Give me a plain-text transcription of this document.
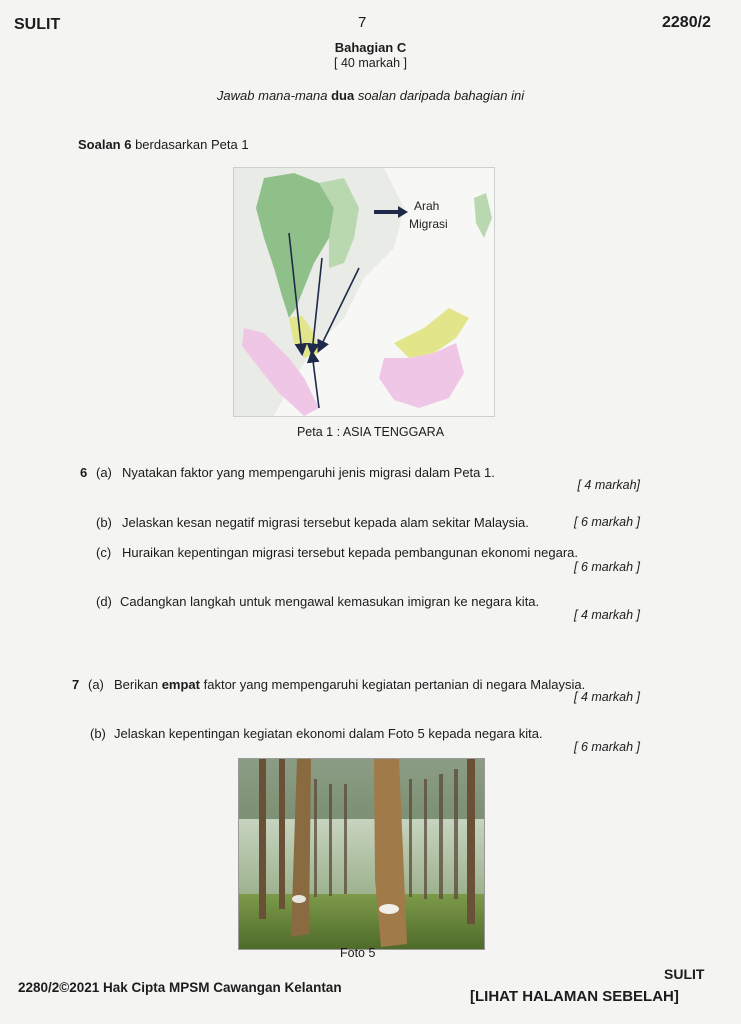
SULIT	7	2280/2
Bahagian C
[ 40 markah ]
Jawab mana-mana dua soalan daripada bahagian ini
Soalan 6 berdasarkan Peta 1
Arah
Migrasi
Peta 1 : ASIA TENGGARA
6 (a) Nyatakan faktor yang mempengaruhi jenis migrasi dalam Peta 1.
[ 4 markah]
(b) Jelaskan kesan negatif migrasi tersebut kepada alam sekitar Malaysia.	[ 6 markah ]
(c) Huraikan kepentingan migrasi tersebut kepada pembangunan ekonomi negara.
[ 6 markah ]
(d) Cadangkan langkah untuk mengawal kemasukan imigran ke negara kita.
[ 4 markah ]
7 (a) Berikan empat faktor yang mempengaruhi kegiatan pertanian di negara Malaysia.
[ 4 markah ]
(b) Jelaskan kepentingan kegiatan ekonomi dalam Foto 5 kepada negara kita.
[ 6 markah ]
Foto 5
2280/2©2021 Hak Cipta MPSM Cawangan Kelantan
SULIT
[LIHAT HALAMAN SEBELAH]
